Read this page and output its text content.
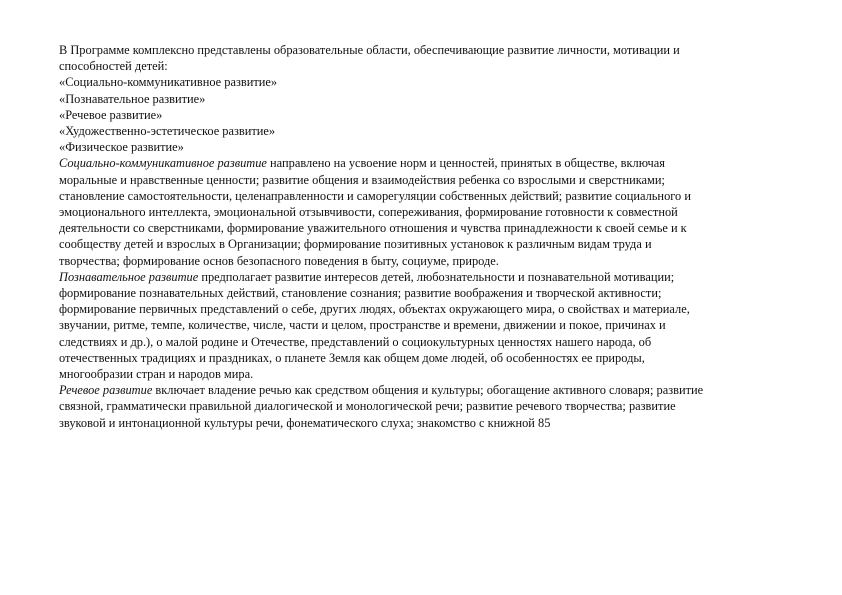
В Программе комплексно представлены образовательные области, обеспечивающие развитие личности, мотивации и
способностей детей:
«Социально-коммуникативное развитие»
«Познавательное развитие»
«Речевое развитие»
«Художественно-эстетическое развитие»
«Физическое развитие»
Социально-коммуникативное развитие направлено на усвоение норм и ценностей, принятых в обществе, включая
моральные и нравственные ценности; развитие общения и взаимодействия ребенка со взрослыми и сверстниками;
становление самостоятельности, целенаправленности и саморегуляции собственных действий; развитие социального и
эмоционального интеллекта, эмоциональной отзывчивости, сопереживания, формирование готовности к совместной
деятельности со сверстниками, формирование уважительного отношения и чувства принадлежности к своей семье и к
сообществу детей и взрослых в Организации; формирование позитивных установок к различным видам труда и
творчества; формирование основ безопасного поведения в быту, социуме, природе.
Познавательное развитие предполагает развитие интересов детей, любознательности и познавательной мотивации;
формирование познавательных действий, становление сознания; развитие воображения и творческой активности;
формирование первичных представлений о себе, других людях, объектах окружающего мира, о свойствах и материале,
звучании, ритме, темпе, количестве, числе, части и целом, пространстве и времени, движении и покое, причинах и
следствиях и др.), о малой родине и Отечестве, представлений о социокультурных ценностях нашего народа, об
отечественных традициях и праздниках, о планете Земля как общем доме людей, об особенностях ее природы,
многообразии стран и народов мира.
Речевое развитие включает владение речью как средством общения и культуры; обогащение активного словаря; развитие
связной, грамматически правильной диалогической и монологической речи; развитие речевого творчества; развитие
звуковой и интонационной культуры речи, фонематического слуха; знакомство с книжной 85
